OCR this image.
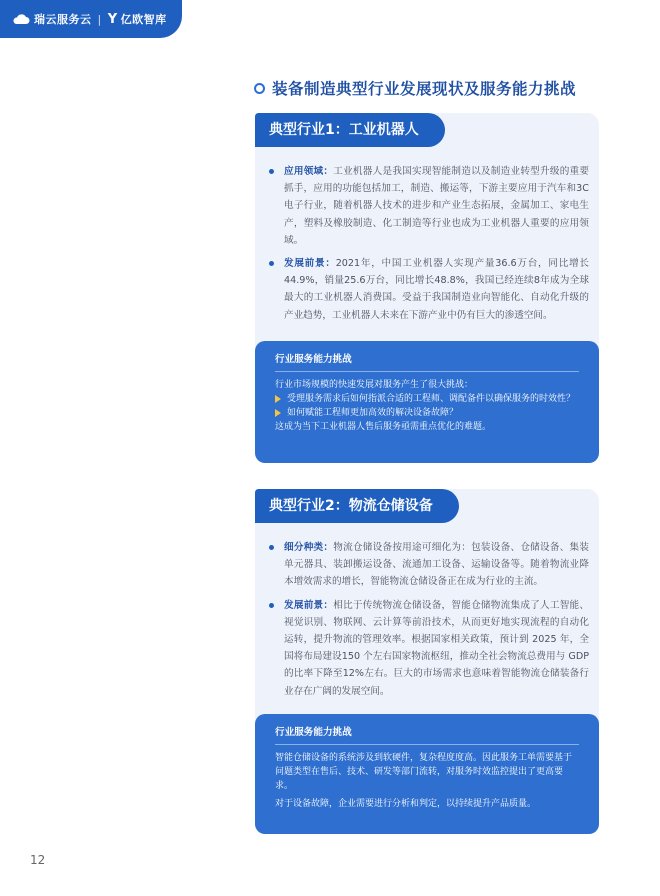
瑞云服务云 | Y 亿欧智库
装备制造典型行业发展现状及服务能力挑战
典型行业1：工业机器人
应用领域：工业机器人是我国实现智能制造以及制造业转型升级的重要抓手，应用的功能包括加工，制造、搬运等，下游主要应用于汽车和3C电子行业，随着机器人技术的进步和产业生态拓展，金属加工、家电生产，塑料及橡胶制造、化工制造等行业也成为工业机器人重要的应用领域。
发展前景：2021年，中国工业机器人实现产量36.6万台，同比增长44.9%，销量25.6万台，同比增长48.8%，我国已经连续8年成为全球最大的工业机器人消费国。受益于我国制造业向智能化、自动化升级的产业趋势，工业机器人未来在下游产业中仍有巨大的渗透空间。
行业服务能力挑战

行业市场规模的快速发展对服务产生了很大挑战：

受理服务需求后如何指派合适的工程师、调配备件以确保服务的时效性？
如何赋能工程师更加高效的解决设备故障？

这成为当下工业机器人售后服务亟需重点优化的难题。

典型行业2：物流仓储设备
细分种类：物流仓储设备按用途可细化为：包装设备、仓储设备、集装单元器具、装卸搬运设备、流通加工设备、运输设备等。随着物流业降本增效需求的增长，智能物流仓储设备正在成为行业的主流。
发展前景：相比于传统物流仓储设备，智能仓储物流集成了人工智能、视觉识别、物联网、云计算等前沿技术，从而更好地实现流程的自动化运转，提升物流的管理效率。根据国家相关政策，预计到 2025 年，全国将布局建设150 个左右国家物流枢纽，推动全社会物流总费用与 GDP的比率下降至12%左右。巨大的市场需求也意味着智能物流仓储装备行业存在广阔的发展空间。
行业服务能力挑战

智能仓储设备的系统涉及到软硬件，复杂程度度高。因此服务工单需要基于问题类型在售后、技术、研发等部门流转，对服务时效监控提出了更高要求。

对于设备故障，企业需要进行分析和判定，以持续提升产品质量。

12
